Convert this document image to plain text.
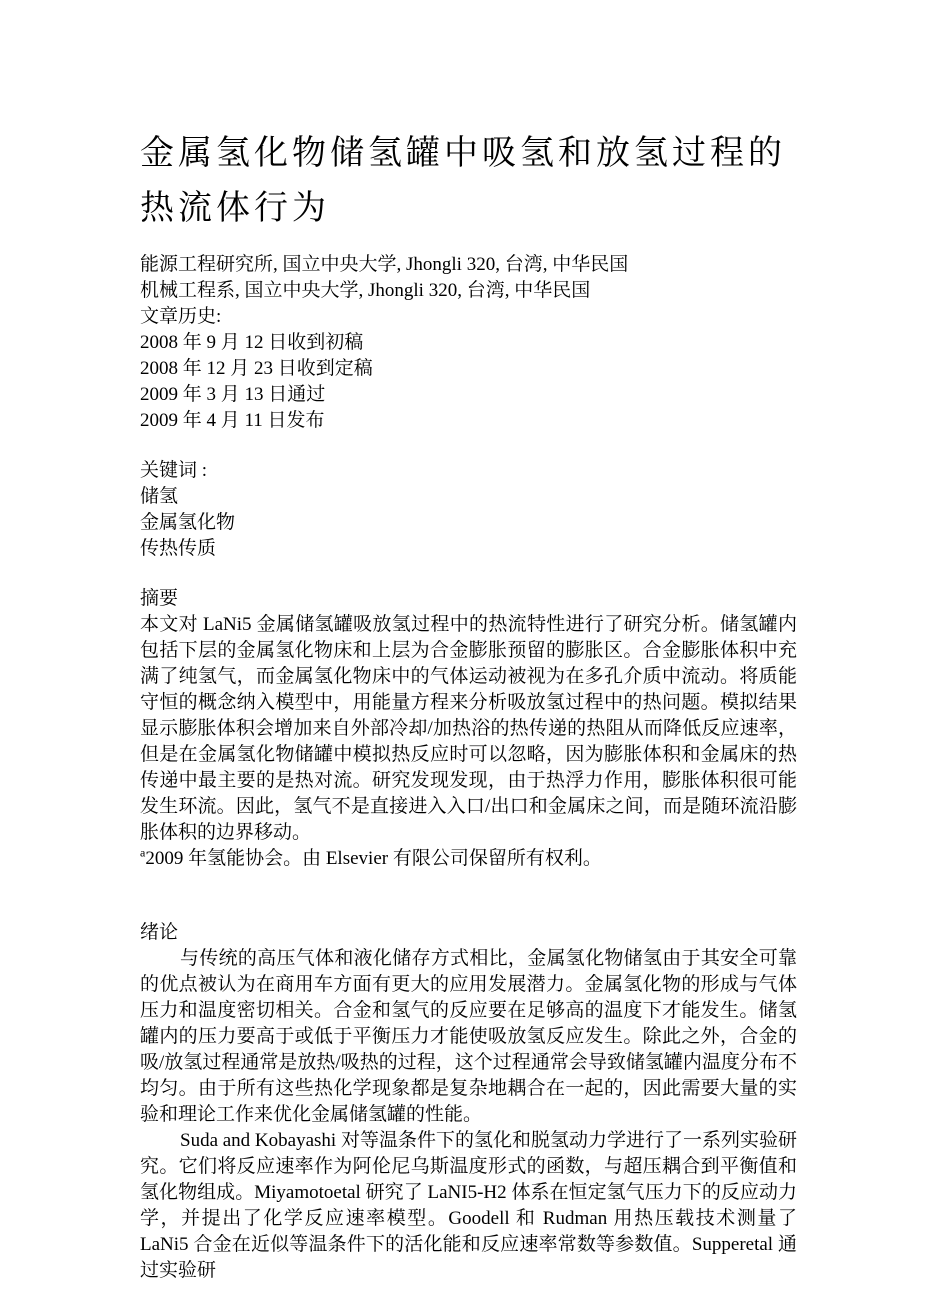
金属氢化物储氢罐中吸氢和放氢过程的热流体行为

能源工程研究所, 国立中央大学, Jhongli 320, 台湾, 中华民国

机械工程系, 国立中央大学, Jhongli 320, 台湾, 中华民国

文章历史:

2008 年 9 月 12 日收到初稿

2008 年 12 月 23 日收到定稿

2009 年 3 月 13 日通过

2009 年 4 月 11 日发布

关键词 :

储氢

金属氢化物

传热传质

摘要

本文对 LaNi5 金属储氢罐吸放氢过程中的热流特性进行了研究分析。储氢罐内包括下层的金属氢化物床和上层为合金膨胀预留的膨胀区。合金膨胀体积中充满了纯氢气，而金属氢化物床中的气体运动被视为在多孔介质中流动。将质能守恒的概念纳入模型中，用能量方程来分析吸放氢过程中的热问题。模拟结果显示膨胀体积会增加来自外部冷却/加热浴的热传递的热阻从而降低反应速率，但是在金属氢化物储罐中模拟热反应时可以忽略，因为膨胀体积和金属床的热传递中最主要的是热对流。研究发现发现，由于热浮力作用，膨胀体积很可能发生环流。因此，氢气不是直接进入入口/出口和金属床之间，而是随环流沿膨胀体积的边界移动。

$^a$2009 年氢能协会。由 Elsevier 有限公司保留所有权利。

绪论

与传统的高压气体和液化储存方式相比，金属氢化物储氢由于其安全可靠的优点被认为在商用车方面有更大的应用发展潜力。金属氢化物的形成与气体压力和温度密切相关。合金和氢气的反应要在足够高的温度下才能发生。储氢罐内的压力要高于或低于平衡压力才能使吸放氢反应发生。除此之外，合金的吸/放氢过程通常是放热/吸热的过程，这个过程通常会导致储氢罐内温度分布不均匀。由于所有这些热化学现象都是复杂地耦合在一起的，因此需要大量的实验和理论工作来优化金属储氢罐的性能。

Suda and Kobayashi 对等温条件下的氢化和脱氢动力学进行了一系列实验研究。它们将反应速率作为阿伦尼乌斯温度形式的函数，与超压耦合到平衡值和氢化物组成。Miyamotoetal 研究了 LaNI5-H2 体系在恒定氢气压力下的反应动力学，并提出了化学反应速率模型。Goodell 和 Rudman 用热压载技术测量了 LaNi5 合金在近似等温条件下的活化能和反应速率常数等参数值。Supperetal 通过实验研
